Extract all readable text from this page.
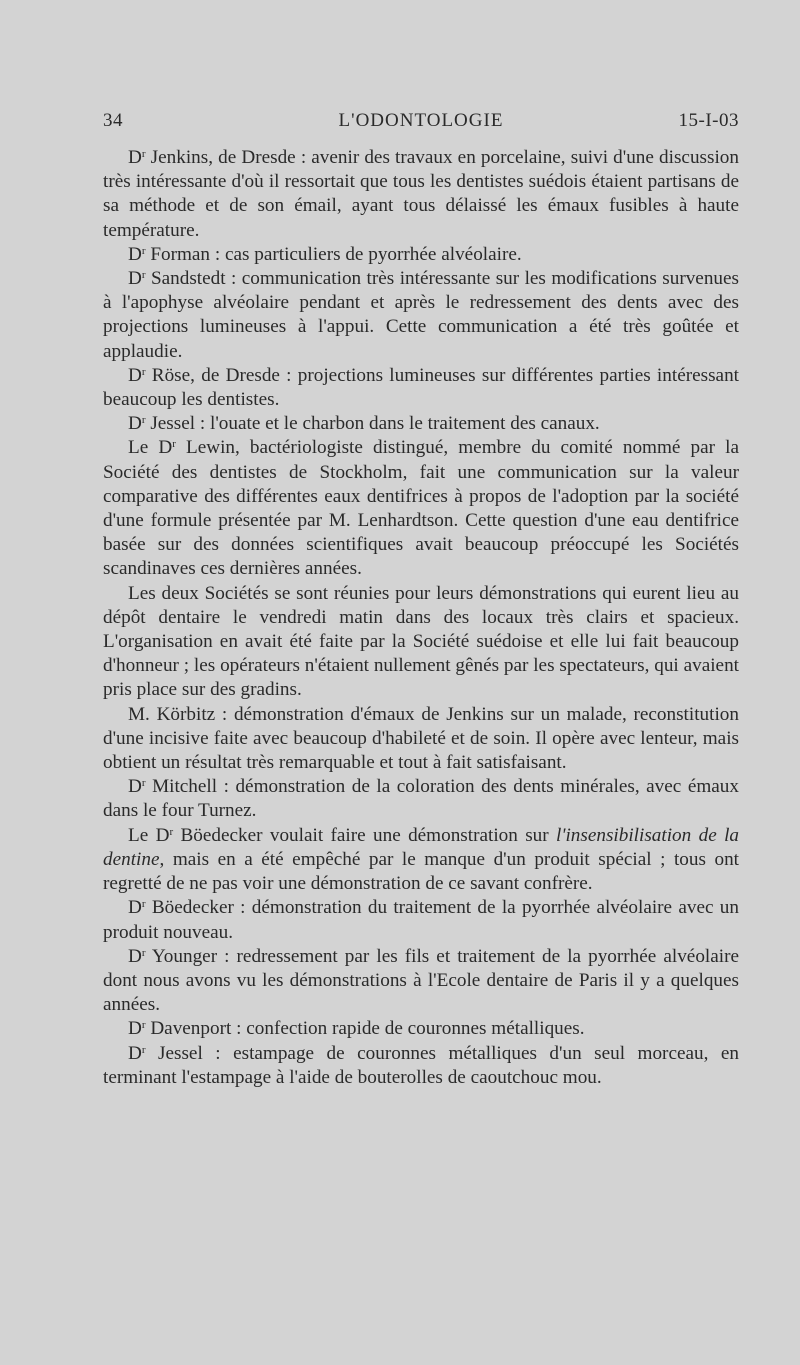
34	L'ODONTOLOGIE	15-I-03

$D^r$ Jenkins, de Dresde : avenir des travaux en porcelaine, suivi d'une discussion très intéressante d'où il ressortait que tous les dentistes suédois étaient partisans de sa méthode et de son émail, ayant tous délaissé les émaux fusibles à haute température.

$D^r$ Forman : cas particuliers de pyorrhée alvéolaire.

$D^r$ Sandstedt : communication très intéressante sur les modifications survenues à l'apophyse alvéolaire pendant et après le redressement des dents avec des projections lumineuses à l'appui. Cette communication a été très goûtée et applaudie.

$D^r$ Röse, de Dresde : projections lumineuses sur différentes parties intéressant beaucoup les dentistes.

$D^r$ Jessel : l'ouate et le charbon dans le traitement des canaux.

Le $D^r$ Lewin, bactériologiste distingué, membre du comité nommé par la Société des dentistes de Stockholm, fait une communication sur la valeur comparative des différentes eaux dentifrices à propos de l'adoption par la société d'une formule présentée par M. Lenhardtson. Cette question d'une eau dentifrice basée sur des données scientifiques avait beaucoup préoccupé les Sociétés scandinaves ces dernières années.

Les deux Sociétés se sont réunies pour leurs démonstrations qui eurent lieu au dépôt dentaire le vendredi matin dans des locaux très clairs et spacieux. L'organisation en avait été faite par la Société suédoise et elle lui fait beaucoup d'honneur ; les opérateurs n'étaient nullement gênés par les spectateurs, qui avaient pris place sur des gradins.

M. Körbitz : démonstration d'émaux de Jenkins sur un malade, reconstitution d'une incisive faite avec beaucoup d'habileté et de soin. Il opère avec lenteur, mais obtient un résultat très remarquable et tout à fait satisfaisant.

$D^r$ Mitchell : démonstration de la coloration des dents minérales, avec émaux dans le four Turnez.

Le $D^r$ Böedecker voulait faire une démonstration sur l'insensibilisation de la dentine, mais en a été empêché par le manque d'un produit spécial ; tous ont regretté de ne pas voir une démonstration de ce savant confrère.

$D^r$ Böedecker : démonstration du traitement de la pyorrhée alvéolaire avec un produit nouveau.

$D^r$ Younger : redressement par les fils et traitement de la pyorrhée alvéolaire dont nous avons vu les démonstrations à l'Ecole dentaire de Paris il y a quelques années.

$D^r$ Davenport : confection rapide de couronnes métalliques.

$D^r$ Jessel : estampage de couronnes métalliques d'un seul morceau, en terminant l'estampage à l'aide de bouterolles de caoutchouc mou.
